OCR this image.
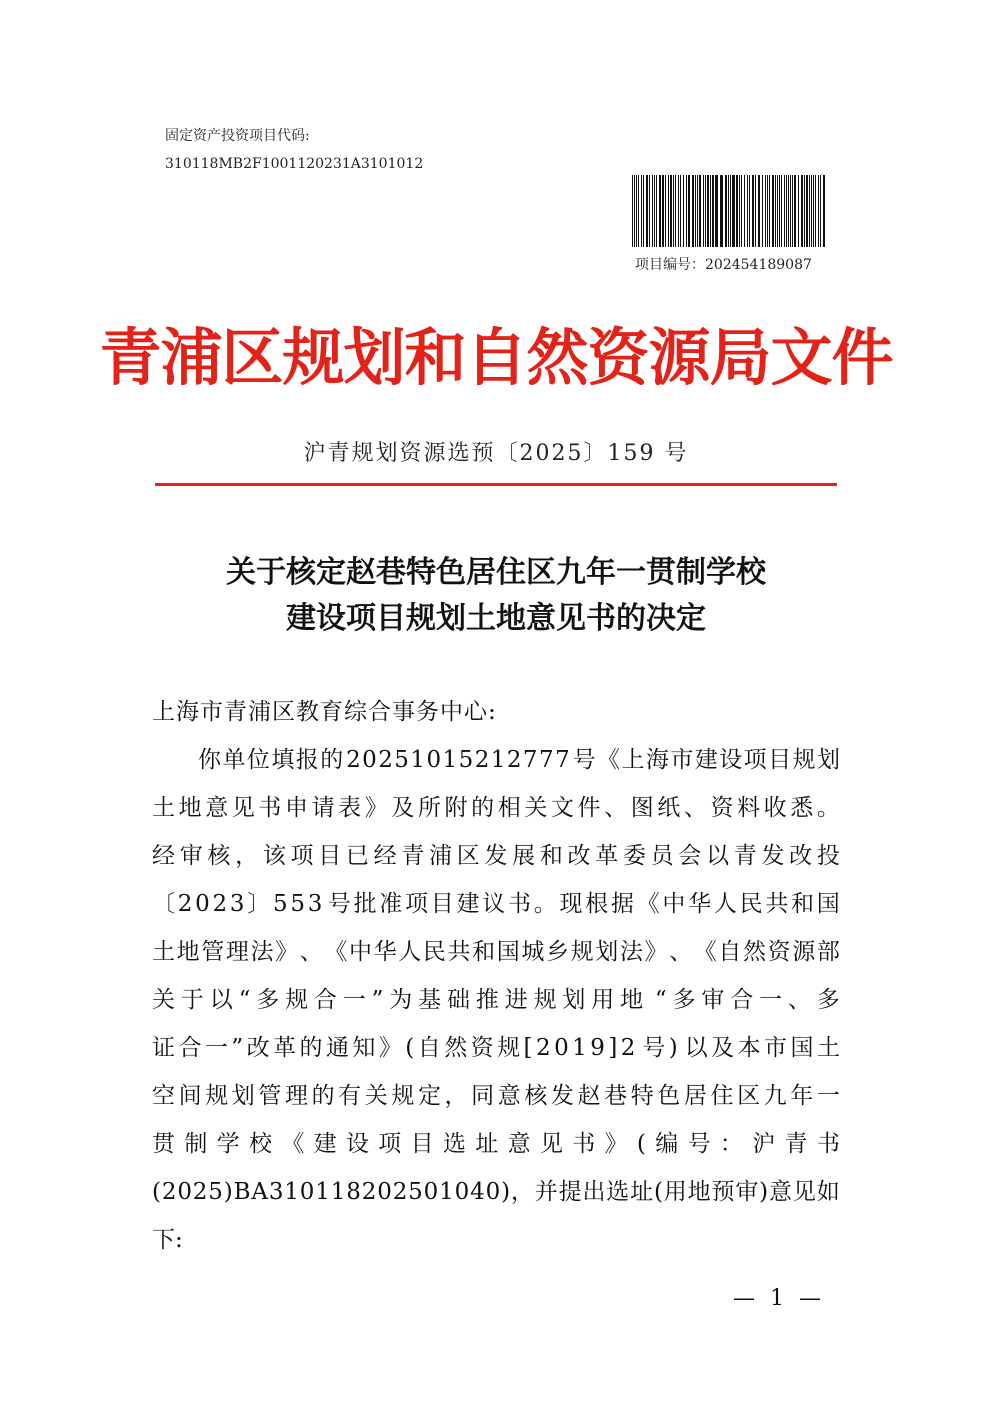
固定资产投资项目代码:
310118MB2F1001120231A3101012
项目编号：202454189087
青浦区规划和自然资源局文件
沪青规划资源选预〔2025〕159 号
关于核定赵巷特色居住区九年一贯制学校
建设项目规划土地意见书的决定
上海市青浦区教育综合事务中心:
你 单 位 填 报 的 2 0 2 5 1 0 1 5 2 1 2 7 7 7 号 《 上 海 市 建 设 项 目 规 划
土 地 意 见 书 申 请 表 》 及 所 附 的 相 关 文 件 、 图 纸 、 资 料 收 悉 。
经 审 核 ， 该 项 目 已 经 青 浦 区 发 展 和 改 革 委 员 会 以 青 发 改 投
〔 2 0 2 3 〕 5 5 3 号 批 准 项 目 建 议 书 。 现 根 据 《 中 华 人 民 共 和 国
土 地 管 理 法 》 、 《 中 华 人 民 共 和 国 城 乡 规 划 法 》 、 《 自 然 资 源 部
关 于 以 “ 多 规 合 一 ” 为 基 础 推 进 规 划 用 地 “ 多 审 合 一 、 多
证 合 一 ” 改 革 的 通 知 》 ( 自 然 资 规 [ 2 0 1 9 ] 2 号 ) 以 及 本 市 国 土
空 间 规 划 管 理 的 有 关 规 定 ， 同 意 核 发 赵 巷 特 色 居 住 区 九 年 一
贯 制 学 校 《 建 设 项 目 选 址 意 见 书 》 ( 编 号 ： 沪 青 书
( 2 0 2 5 ) B A 3 1 0 1 1 8 2 0 2 5 0 1 0 4 0 ) ， 并 提 出 选 址 ( 用 地 预 审 ) 意 见 如
下 :
— 1 —
